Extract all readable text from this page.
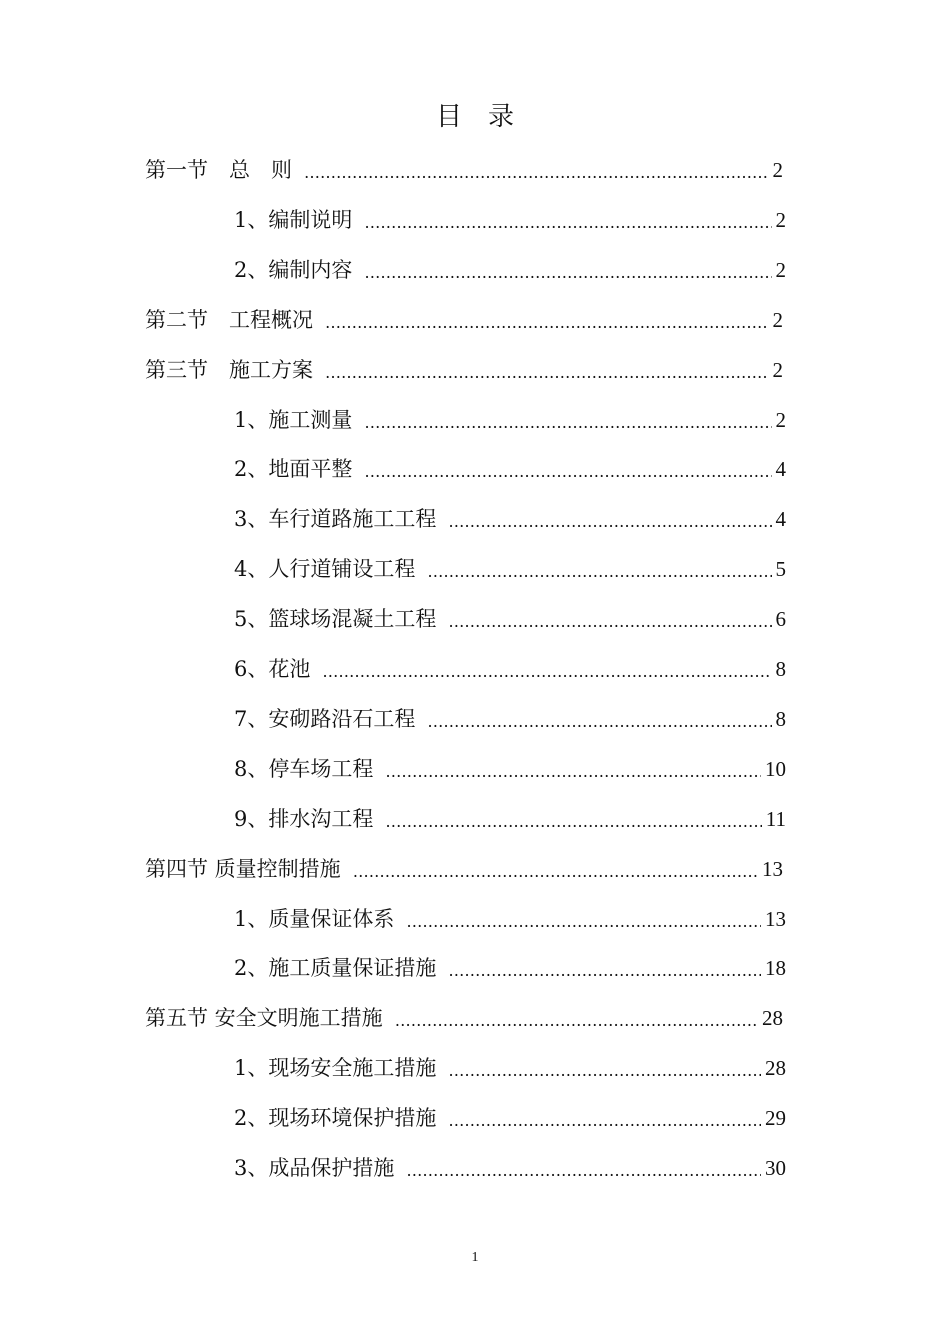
目录
第一节　总　则 ……………………………………………………………………………………………………………………………………………………	2
1、编制说明 ……………………………………………………………………………………………………………………………………………………	2
2、编制内容 ……………………………………………………………………………………………………………………………………………………	2
第二节　工程概况 ……………………………………………………………………………………………………………………………………………………	2
第三节　施工方案 ……………………………………………………………………………………………………………………………………………………	2
1、施工测量 ……………………………………………………………………………………………………………………………………………………	2
2、地面平整 ……………………………………………………………………………………………………………………………………………………	4
3、车行道路施工工程 ……………………………………………………………………………………………………………………………………………………	4
4、人行道铺设工程 ……………………………………………………………………………………………………………………………………………………	5
5、篮球场混凝土工程 ……………………………………………………………………………………………………………………………………………………	6
6、花池 ……………………………………………………………………………………………………………………………………………………	8
7、安砌路沿石工程 ……………………………………………………………………………………………………………………………………………………	8
8、停车场工程 ……………………………………………………………………………………………………………………………………………………	10
9、排水沟工程 ……………………………………………………………………………………………………………………………………………………	11
第四节 质量控制措施 ……………………………………………………………………………………………………………………………………………………	13
1、质量保证体系 ……………………………………………………………………………………………………………………………………………………	13
2、施工质量保证措施 ……………………………………………………………………………………………………………………………………………………	18
第五节 安全文明施工措施 ……………………………………………………………………………………………………………………………………………………	28
1、现场安全施工措施 ……………………………………………………………………………………………………………………………………………………	28
2、现场环境保护措施 ……………………………………………………………………………………………………………………………………………………	29
3、成品保护措施 ……………………………………………………………………………………………………………………………………………………	30
1
